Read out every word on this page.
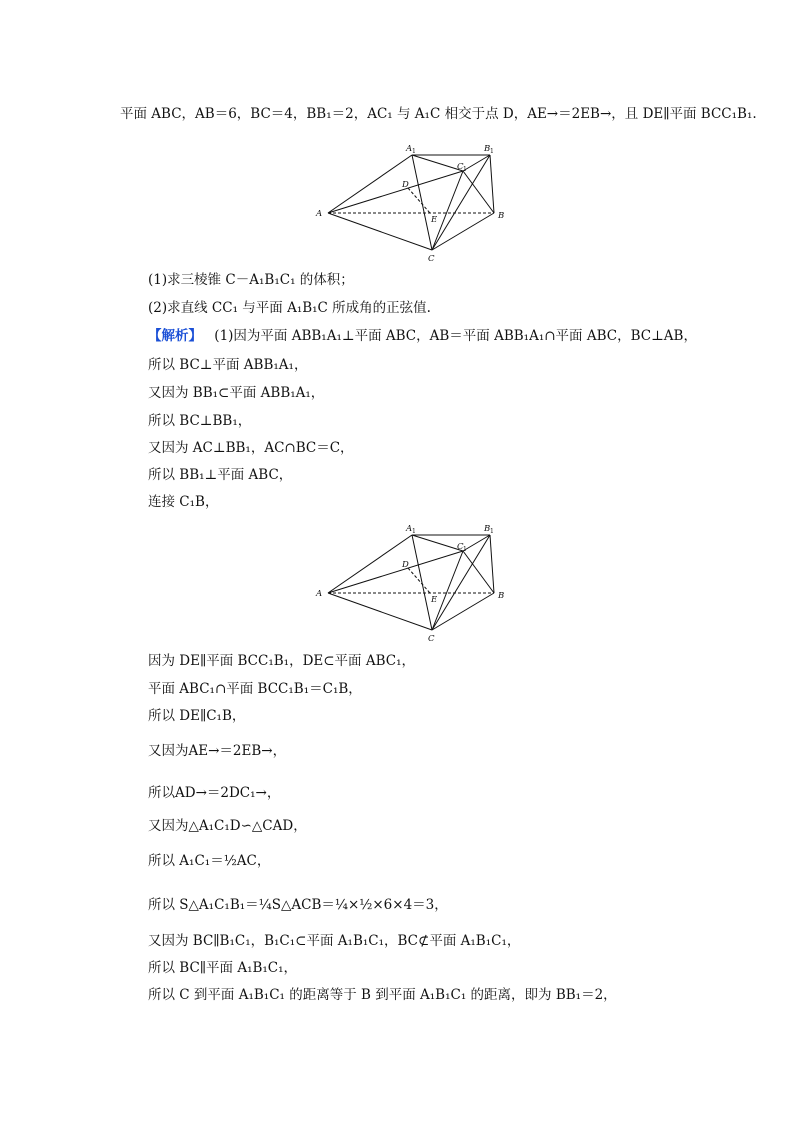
平面 ABC，AB＝6，BC＝4，BB₁＝2，AC₁ 与 A₁C 相交于点 D，AE→＝2EB→，且 DE∥平面 BCC₁B₁.
A 1	B 1
C 1
D
A	B
E
C
(1)求三棱锥 C－A₁B₁C₁ 的体积；
(2)求直线 CC₁ 与平面 A₁B₁C 所成角的正弦值.
【解析】 (1)因为平面 ABB₁A₁⊥平面 ABC，AB＝平面 ABB₁A₁∩平面 ABC，BC⊥AB，
所以 BC⊥平面 ABB₁A₁，
又因为 BB₁⊂平面 ABB₁A₁，
所以 BC⊥BB₁，
又因为 AC⊥BB₁，AC∩BC＝C，
所以 BB₁⊥平面 ABC，
连接 C₁B，
A 1	B 1
C 1
D
A	B
E
C
因为 DE∥平面 BCC₁B₁，DE⊂平面 ABC₁，
平面 ABC₁∩平面 BCC₁B₁＝C₁B，
所以 DE∥C₁B，
又因为AE→＝2EB→，
所以AD→＝2DC₁→，
又因为△A₁C₁D∽△CAD，
所以 A₁C₁＝½AC，
所以 S△A₁C₁B₁＝¼S△ACB＝¼×½×6×4＝3，
又因为 BC∥B₁C₁，B₁C₁⊂平面 A₁B₁C₁，BC⊄平面 A₁B₁C₁，
所以 BC∥平面 A₁B₁C₁，
所以 C 到平面 A₁B₁C₁ 的距离等于 B 到平面 A₁B₁C₁ 的距离，即为 BB₁＝2，
